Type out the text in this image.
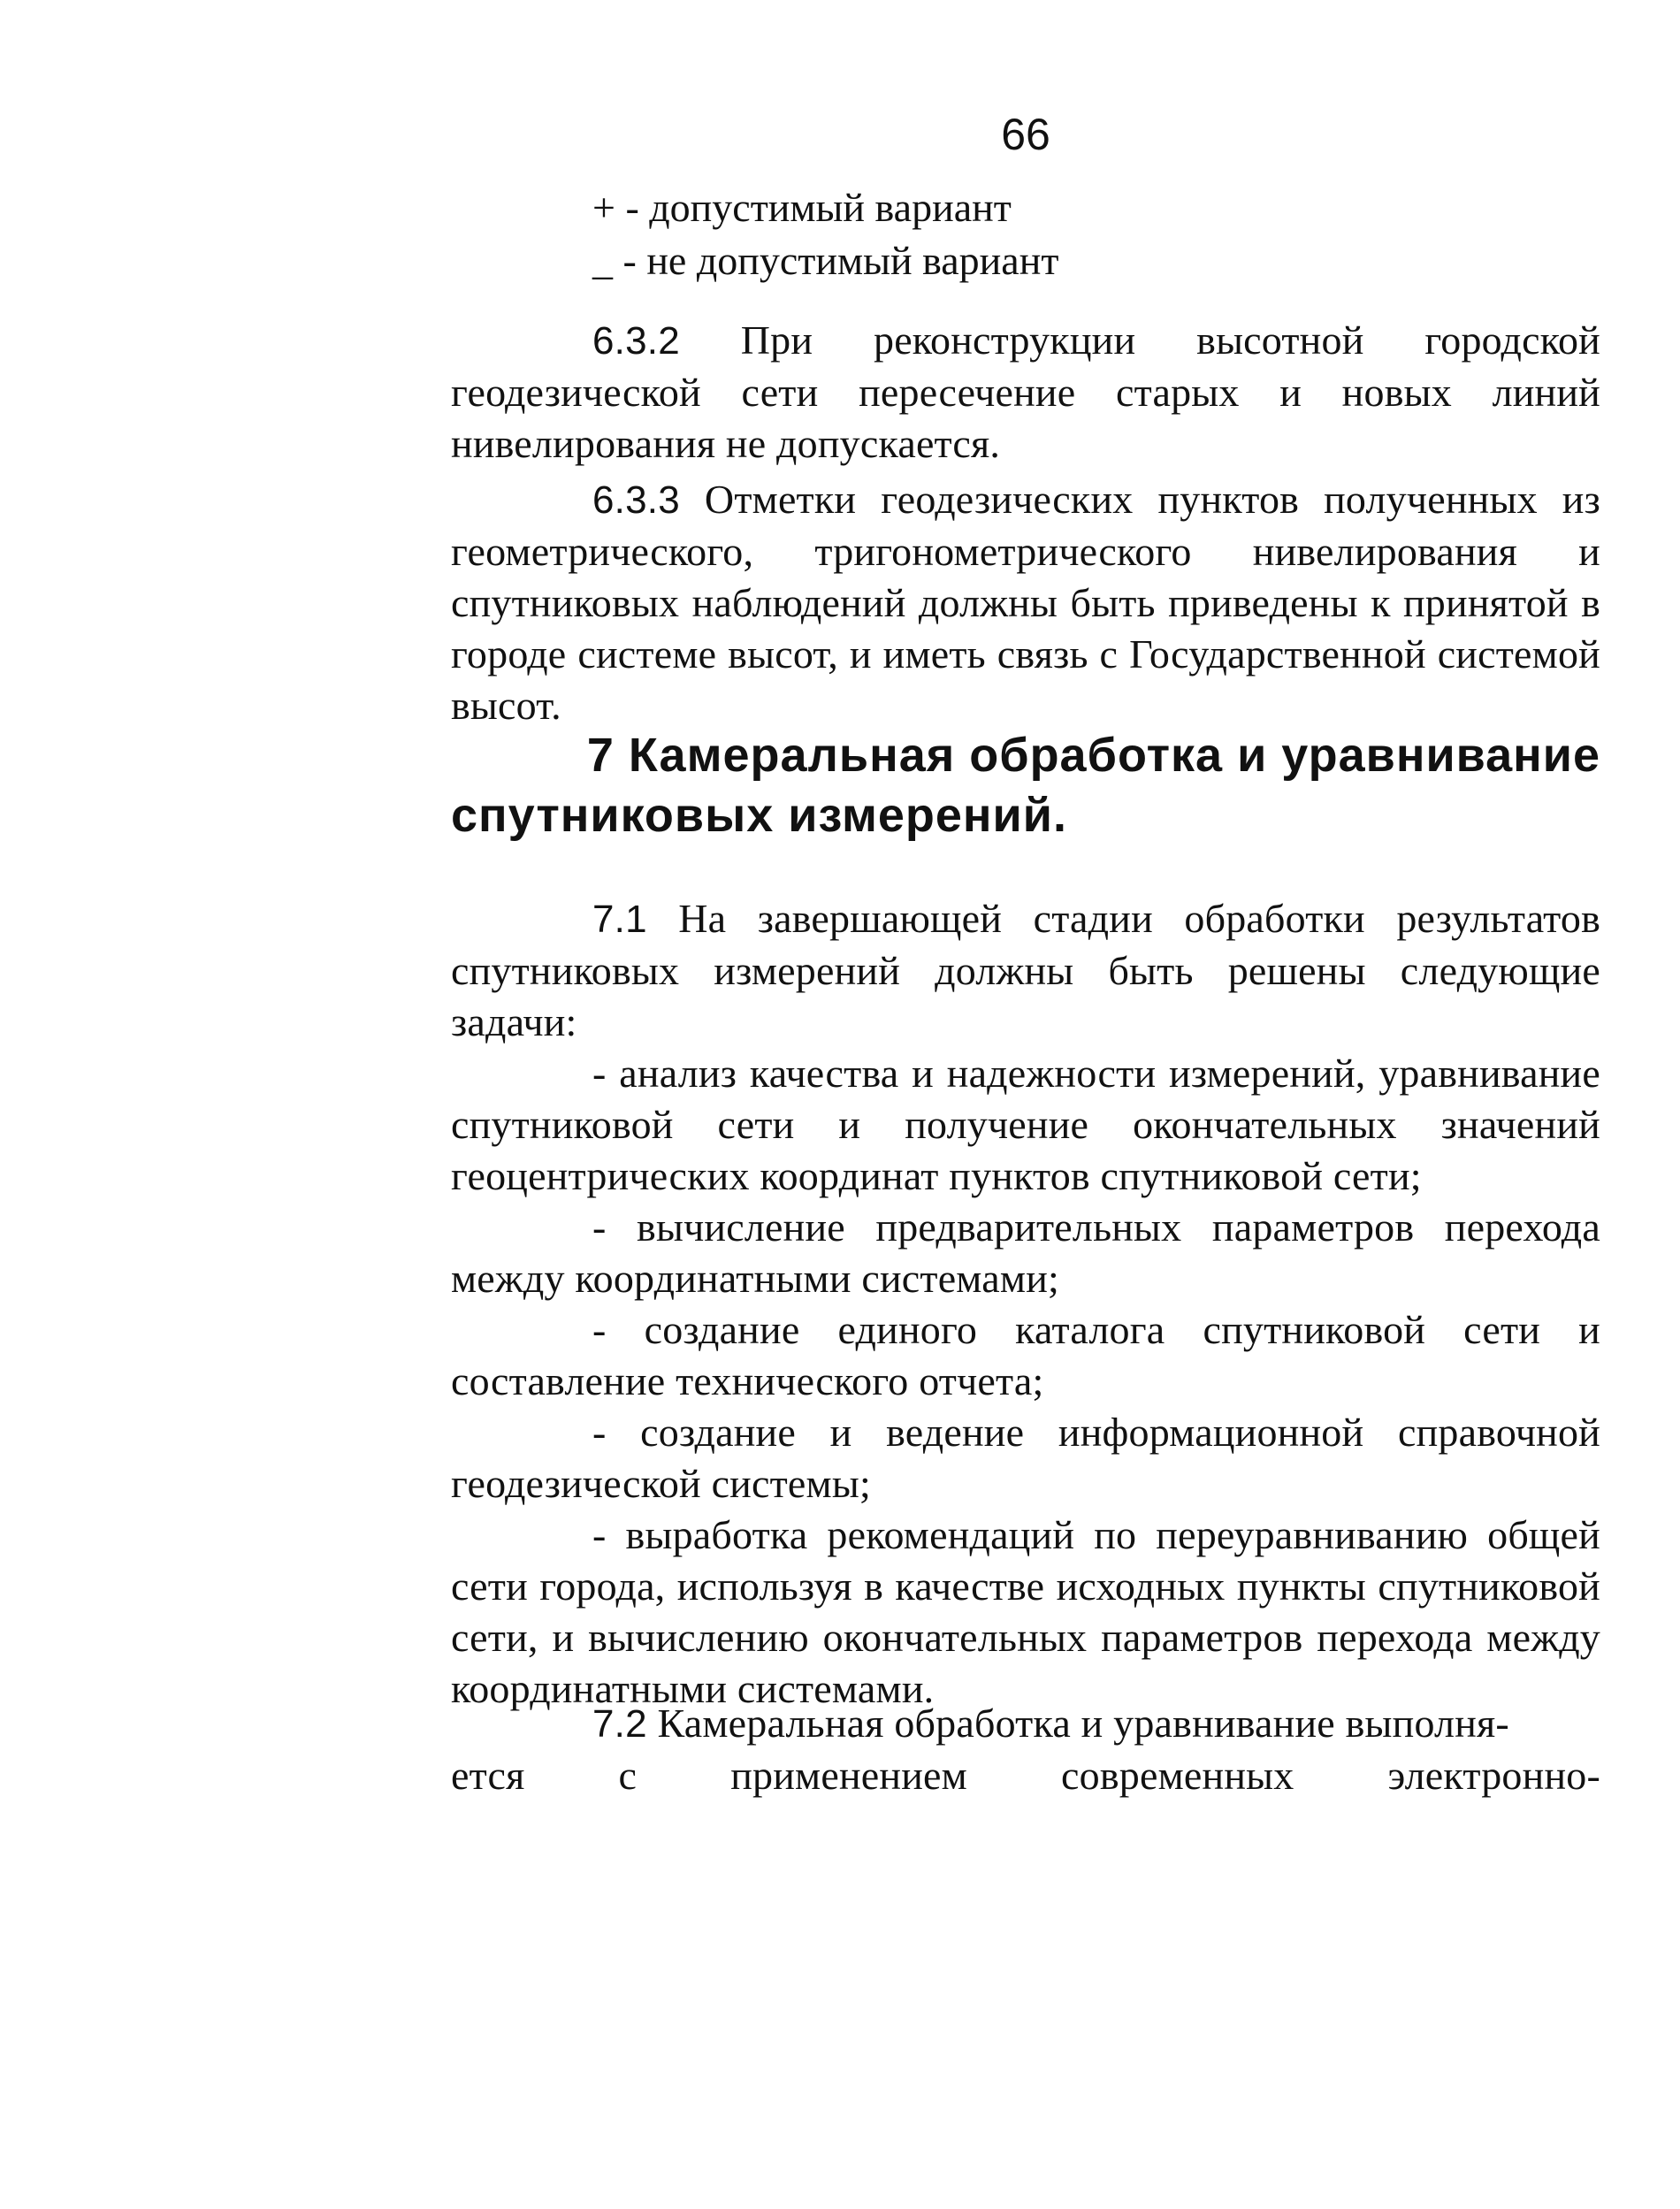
66
+ - допустимый вариант
_ - не допустимый вариант

6.3.2 При реконструкции высотной городской геодезической сети пересечение старых и новых линий нивелирования не допускается.

6.3.3 Отметки геодезических пунктов полученных из геометрического, тригонометрического нивелирования и спутниковых наблюдений должны быть приведены к принятой в городе системе высот, и иметь связь с Государственной системой высот.

7 Камеральная обработка и уравнивание
спутниковых измерений.

7.1 На завершающей стадии обработки результатов спутниковых измерений должны быть решены следующие задачи:

- анализ качества и надежности измерений, уравнивание спутниковой сети и получение окончательных значений геоцентрических координат пунктов спутниковой сети;

- вычисление предварительных параметров перехода между координатными системами;

- создание единого каталога спутниковой сети и составление технического отчета;

- создание и ведение информационной справочной геодезической системы;

- выработка рекомендаций по переуравниванию общей сети города, используя в качестве исходных пункты спутниковой сети, и вычислению окончательных параметров перехода между координатными системами.

7.2 Камеральная обработка и уравнивание выполня-

ется с применением современных электронно-
